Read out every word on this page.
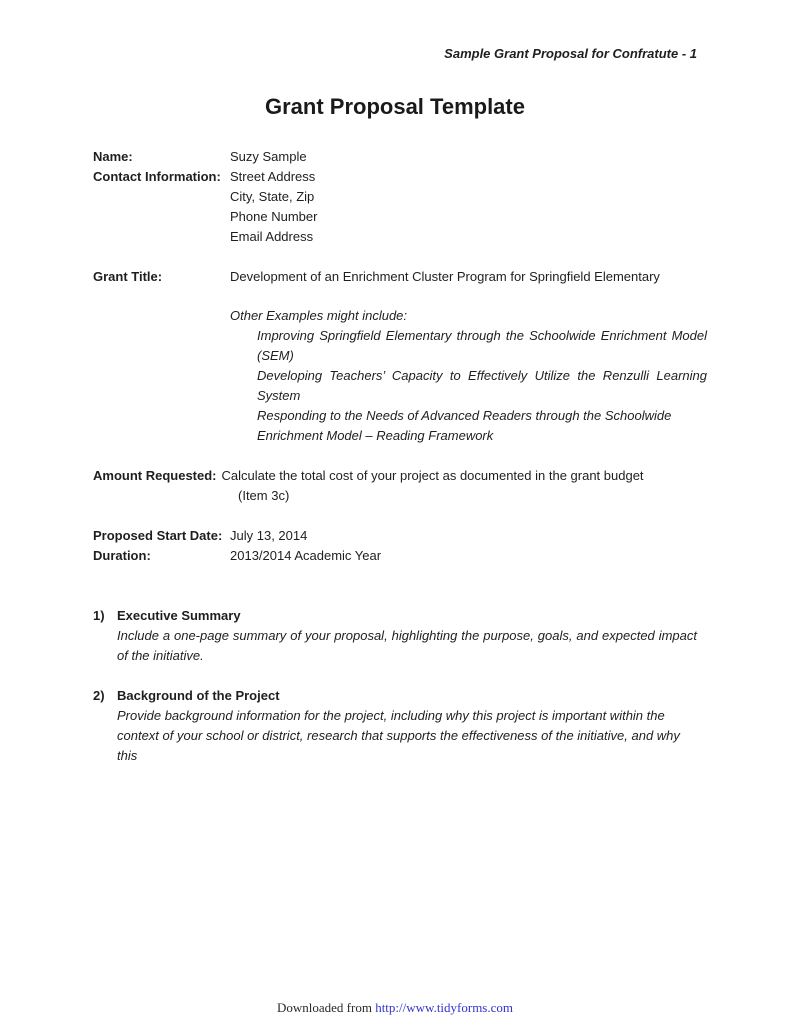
Sample Grant Proposal for Confratute - 1
Grant Proposal Template
Name:	Suzy Sample
Contact Information: Street Address
City, State, Zip
Phone Number
Email Address
Grant Title:	Development of an Enrichment Cluster Program for Springfield Elementary
Other Examples might include:
Improving Springfield Elementary through the Schoolwide Enrichment Model (SEM)
Developing Teachers’ Capacity to Effectively Utilize the Renzulli Learning System
Responding to the Needs of Advanced Readers through the Schoolwide Enrichment Model – Reading Framework
Amount Requested: Calculate the total cost of your project as documented in the grant budget
(Item 3c)
Proposed Start Date: July 13, 2014
Duration:	2013/2014 Academic Year
1) Executive Summary
Include a one-page summary of your proposal, highlighting the purpose, goals, and expected impact of the initiative.
2) Background of the Project
Provide background information for the project, including why this project is important within the context of your school or district, research that supports the effectiveness of the initiative, and why this
Downloaded from http://www.tidyforms.com
